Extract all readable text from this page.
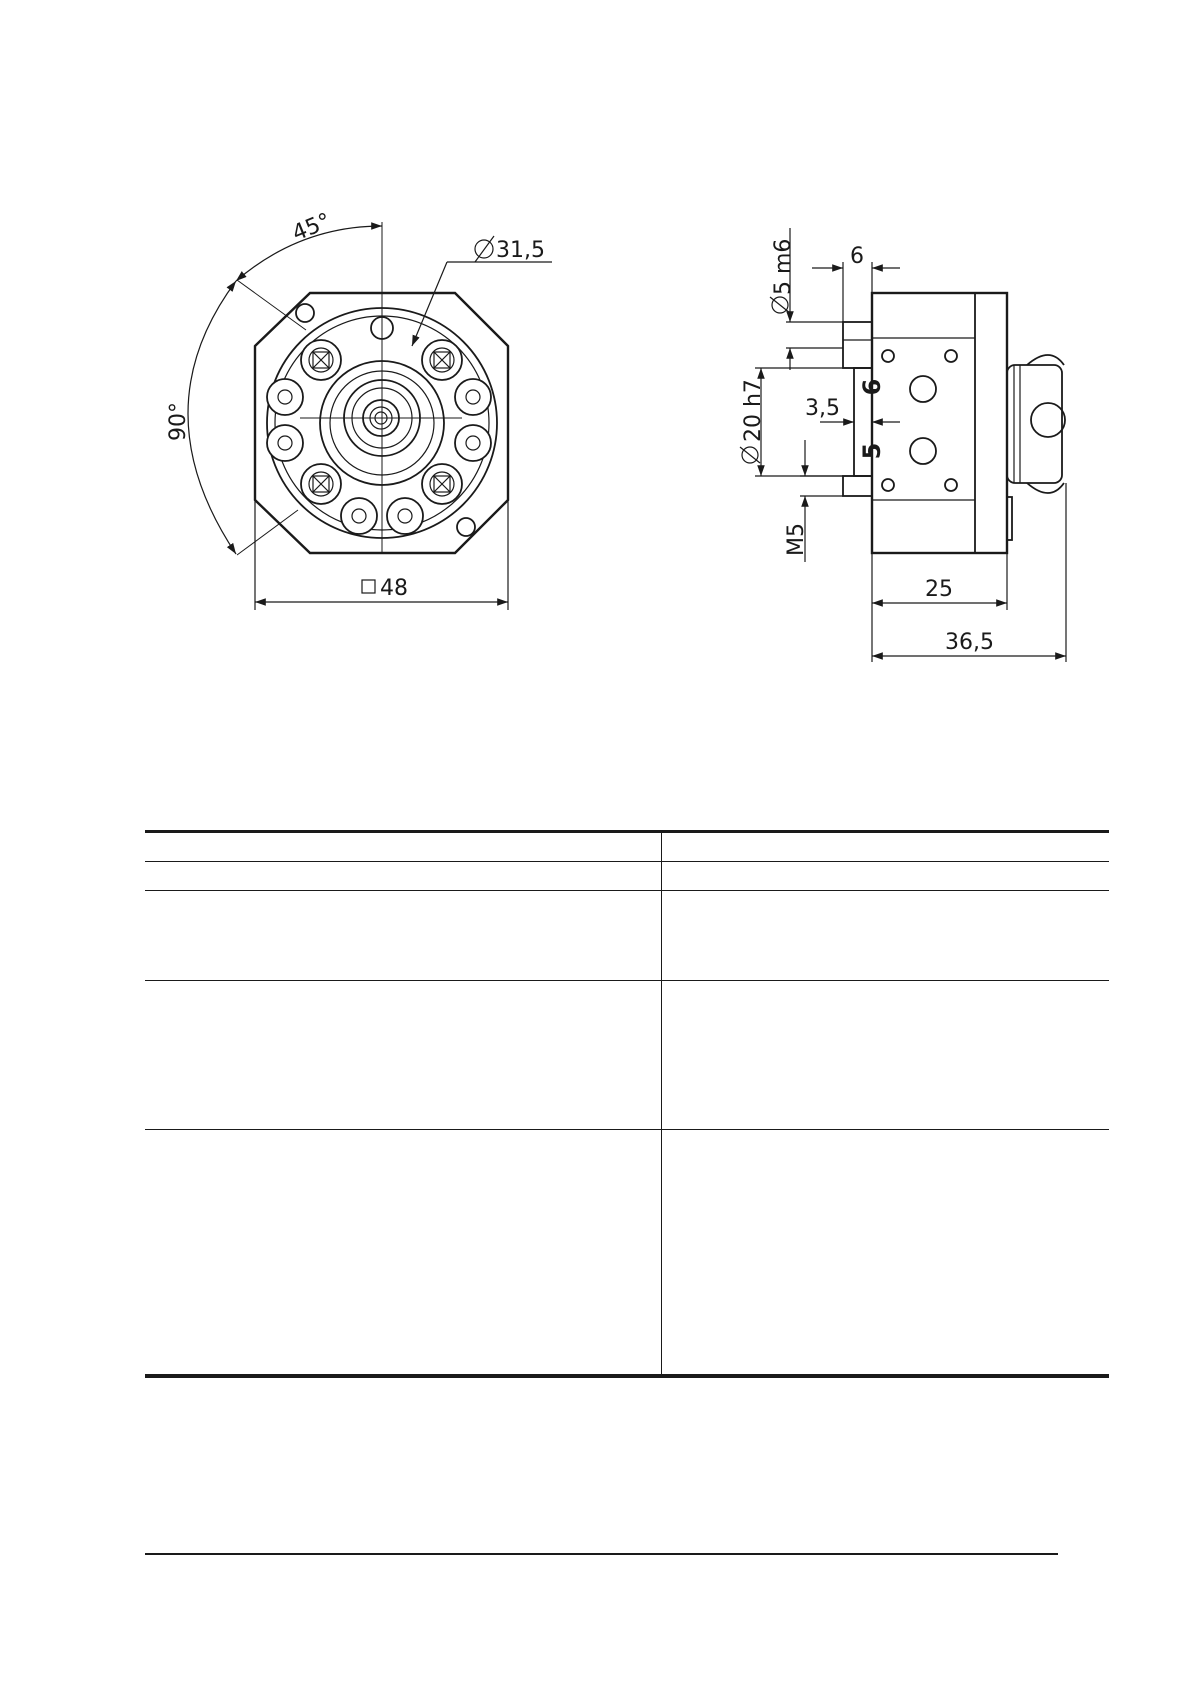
45°
90°
31,5
48
6
5
5 m6 6
20 h7 3,5
M5
25
36,5
